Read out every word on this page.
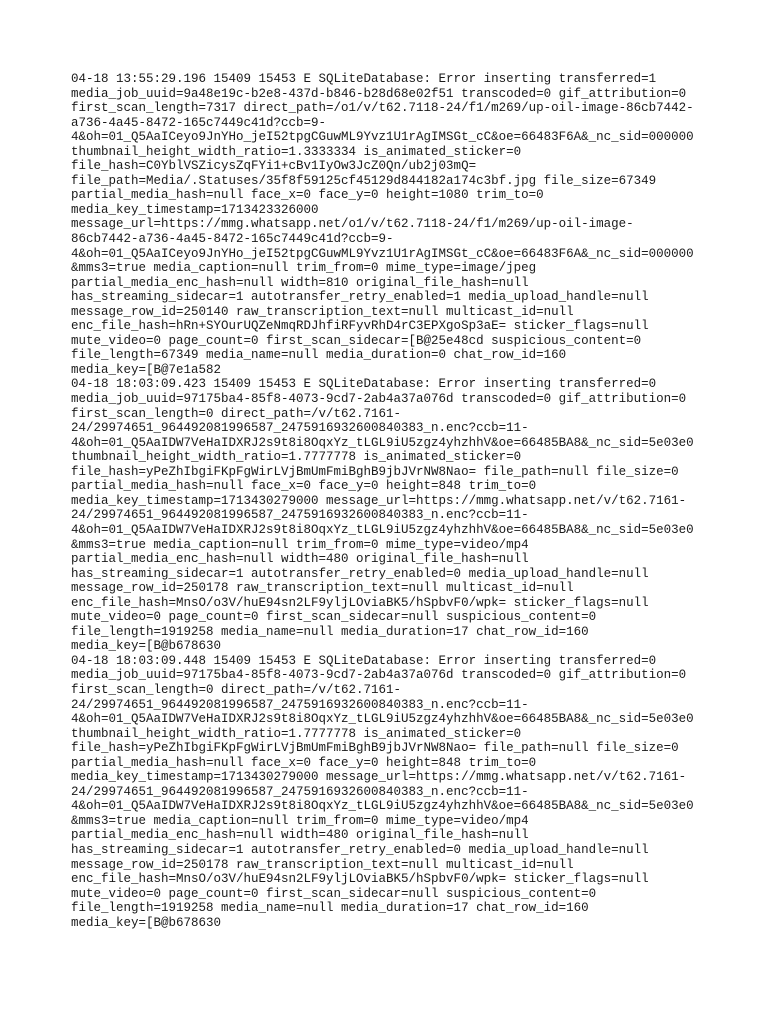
04-18 13:55:29.196 15409 15453 E SQLiteDatabase: Error inserting transferred=1
media_job_uuid=9a48e19c-b2e8-437d-b846-b28d68e02f51 transcoded=0 gif_attribution=0
first_scan_length=7317 direct_path=/o1/v/t62.7118-24/f1/m269/up-oil-image-86cb7442-
a736-4a45-8472-165c7449c41d?ccb=9-
4&oh=01_Q5AaICeyo9JnYHo_jeI52tpgCGuwML9Yvz1U1rAgIMSGt_cC&oe=66483F6A&_nc_sid=000000
thumbnail_height_width_ratio=1.3333334 is_animated_sticker=0
file_hash=C0YblVSZicysZqFYi1+cBv1IyOw3JcZ0Qn/ub2j03mQ=
file_path=Media/.Statuses/35f8f59125cf45129d844182a174c3bf.jpg file_size=67349
partial_media_hash=null face_x=0 face_y=0 height=1080 trim_to=0
media_key_timestamp=1713423326000
message_url=https://mmg.whatsapp.net/o1/v/t62.7118-24/f1/m269/up-oil-image-
86cb7442-a736-4a45-8472-165c7449c41d?ccb=9-
4&oh=01_Q5AaICeyo9JnYHo_jeI52tpgCGuwML9Yvz1U1rAgIMSGt_cC&oe=66483F6A&_nc_sid=000000
&mms3=true media_caption=null trim_from=0 mime_type=image/jpeg
partial_media_enc_hash=null width=810 original_file_hash=null
has_streaming_sidecar=1 autotransfer_retry_enabled=1 media_upload_handle=null
message_row_id=250140 raw_transcription_text=null multicast_id=null
enc_file_hash=hRn+SYOurUQZeNmqRDJhfiRFyvRhD4rC3EPXgoSp3aE= sticker_flags=null
mute_video=0 page_count=0 first_scan_sidecar=[B@25e48cd suspicious_content=0
file_length=67349 media_name=null media_duration=0 chat_row_id=160
media_key=[B@7e1a582
04-18 18:03:09.423 15409 15453 E SQLiteDatabase: Error inserting transferred=0
media_job_uuid=97175ba4-85f8-4073-9cd7-2ab4a37a076d transcoded=0 gif_attribution=0
first_scan_length=0 direct_path=/v/t62.7161-
24/29974651_964492081996587_2475916932600840383_n.enc?ccb=11-
4&oh=01_Q5AaIDW7VeHaIDXRJ2s9t8i8OqxYz_tLGL9iU5zgz4yhzhhV&oe=66485BA8&_nc_sid=5e03e0
thumbnail_height_width_ratio=1.7777778 is_animated_sticker=0
file_hash=yPeZhIbgiFKpFgWirLVjBmUmFmiBghB9jbJVrNW8Nao= file_path=null file_size=0
partial_media_hash=null face_x=0 face_y=0 height=848 trim_to=0
media_key_timestamp=1713430279000 message_url=https://mmg.whatsapp.net/v/t62.7161-
24/29974651_964492081996587_2475916932600840383_n.enc?ccb=11-
4&oh=01_Q5AaIDW7VeHaIDXRJ2s9t8i8OqxYz_tLGL9iU5zgz4yhzhhV&oe=66485BA8&_nc_sid=5e03e0
&mms3=true media_caption=null trim_from=0 mime_type=video/mp4
partial_media_enc_hash=null width=480 original_file_hash=null
has_streaming_sidecar=1 autotransfer_retry_enabled=0 media_upload_handle=null
message_row_id=250178 raw_transcription_text=null multicast_id=null
enc_file_hash=MnsO/o3V/huE94sn2LF9yljLOviaBK5/hSpbvF0/wpk= sticker_flags=null
mute_video=0 page_count=0 first_scan_sidecar=null suspicious_content=0
file_length=1919258 media_name=null media_duration=17 chat_row_id=160
media_key=[B@b678630
04-18 18:03:09.448 15409 15453 E SQLiteDatabase: Error inserting transferred=0
media_job_uuid=97175ba4-85f8-4073-9cd7-2ab4a37a076d transcoded=0 gif_attribution=0
first_scan_length=0 direct_path=/v/t62.7161-
24/29974651_964492081996587_2475916932600840383_n.enc?ccb=11-
4&oh=01_Q5AaIDW7VeHaIDXRJ2s9t8i8OqxYz_tLGL9iU5zgz4yhzhhV&oe=66485BA8&_nc_sid=5e03e0
thumbnail_height_width_ratio=1.7777778 is_animated_sticker=0
file_hash=yPeZhIbgiFKpFgWirLVjBmUmFmiBghB9jbJVrNW8Nao= file_path=null file_size=0
partial_media_hash=null face_x=0 face_y=0 height=848 trim_to=0
media_key_timestamp=1713430279000 message_url=https://mmg.whatsapp.net/v/t62.7161-
24/29974651_964492081996587_2475916932600840383_n.enc?ccb=11-
4&oh=01_Q5AaIDW7VeHaIDXRJ2s9t8i8OqxYz_tLGL9iU5zgz4yhzhhV&oe=66485BA8&_nc_sid=5e03e0
&mms3=true media_caption=null trim_from=0 mime_type=video/mp4
partial_media_enc_hash=null width=480 original_file_hash=null
has_streaming_sidecar=1 autotransfer_retry_enabled=0 media_upload_handle=null
message_row_id=250178 raw_transcription_text=null multicast_id=null
enc_file_hash=MnsO/o3V/huE94sn2LF9yljLOviaBK5/hSpbvF0/wpk= sticker_flags=null
mute_video=0 page_count=0 first_scan_sidecar=null suspicious_content=0
file_length=1919258 media_name=null media_duration=17 chat_row_id=160
media_key=[B@b678630
